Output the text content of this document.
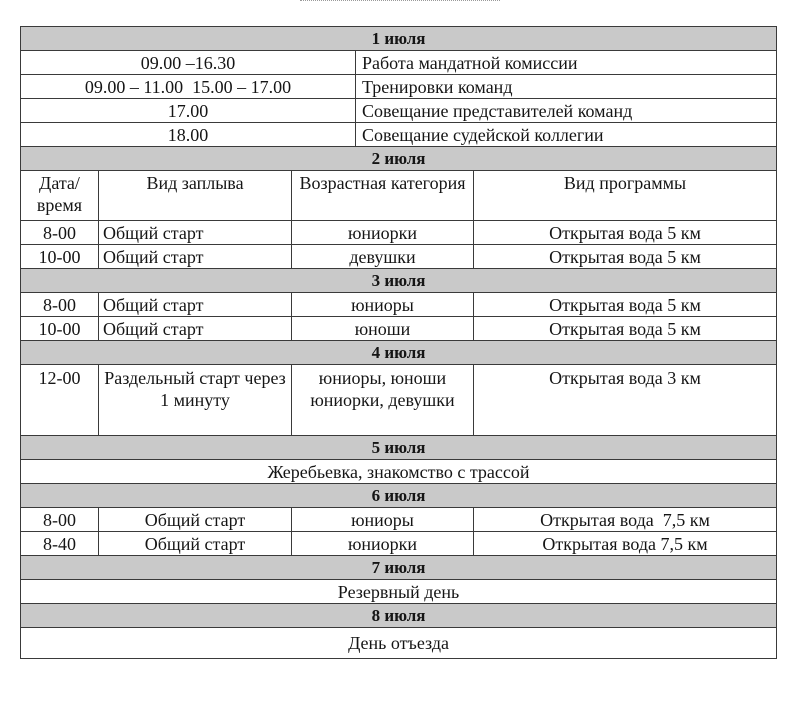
1 июля				
09.00 –16.30			Работа мандатной комиссии	
09.00 – 11.00  15.00 – 17.00			Тренировки команд	
17.00			Совещание представителей команд	
18.00			Совещание судейской коллегии	
2 июля				
Дата/ время	Вид заплыва	Возрастная категория		Вид программы
8-00	Общий старт	юниорки		Открытая вода 5 км
10-00	Общий старт	девушки		Открытая вода 5 км
3 июля				
8-00	Общий старт	юниоры		Открытая вода 5 км
10-00	Общий старт	юноши		Открытая вода 5 км
4 июля				
12-00	Раздельный старт через 1 минуту	юниоры, юноши юниорки, девушки		Открытая вода 3 км
5 июля				
Жеребьевка, знакомство с трассой				
6 июля				
8-00	Общий старт	юниоры		Открытая вода  7,5 км
8-40	Общий старт	юниорки		Открытая вода 7,5 км
7 июля				
Резервный день				
8 июля				
День отъезда				
